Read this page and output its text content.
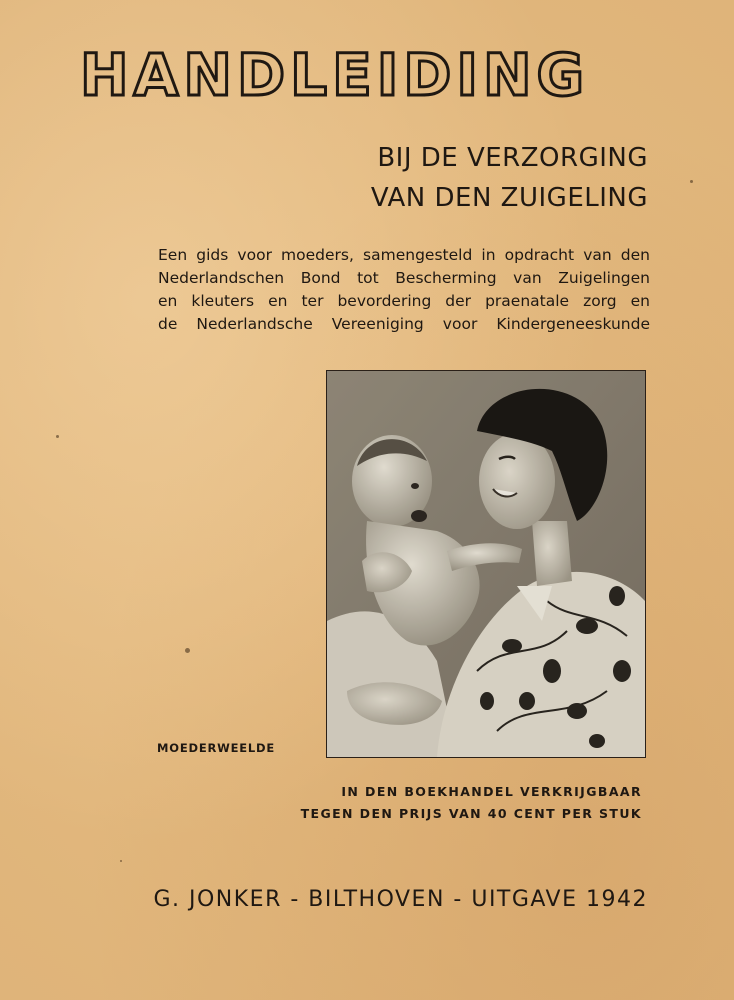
HANDLEIDING
BIJ DE VERZORGING
VAN DEN ZUIGELING
Een gids voor moeders, samengesteld in opdracht van den
Nederlandschen Bond tot Bescherming van Zuigelingen
en kleuters en ter bevordering der praenatale zorg en
de Nederlandsche Vereeniging voor Kindergeneeskunde
MOEDERWEELDE
IN DEN BOEKHANDEL VERKRIJGBAAR
TEGEN DEN PRIJS VAN 40 CENT PER STUK
G. JONKER - BILTHOVEN - UITGAVE 1942
